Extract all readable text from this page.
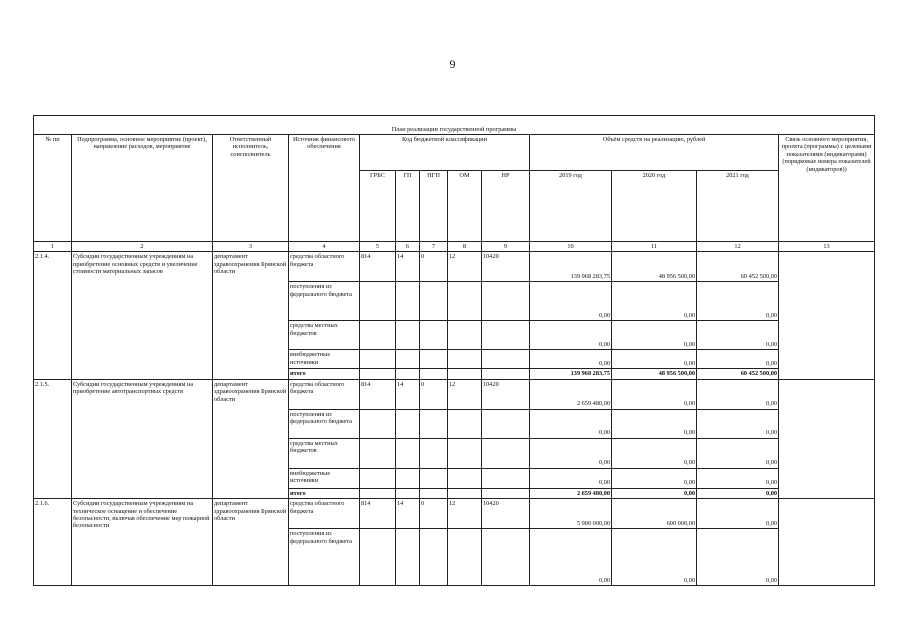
9
План реализации государственной программы												
№ пп	Подпрограмма, основное мероприятие (проект), направление расходов, мероприятие	Ответственный исполнитель, соисполнитель	Источник финансового обеспечения	Код бюджетной классификации					Объём средств на реализацию, рублей			Связь основного мероприятия, проекта (программы) с целевыми показателями (индикаторами) (порядковые номера показателей (индикаторов))
				ГРБС	ГП	ПГП	ОМ	НР	2019 год	2020 год	2021 год	
1	2	3	4	5	6	7	8	9	10	11	12	13
2.1.4.	Субсидии государственным учреждениям на приобретение основных средств и увеличение стоимости материальных запасов	департамент здравоохранения Брянской области	средства областного бюджета	814	14	0	12	10420	139 968 283,75	48 956 500,00	60 452 500,00	
			поступления из федерального бюджета						0,00	0,00	0,00	
			средства местных бюджетов						0,00	0,00	0,00	
			внебюджетные источники						0,00	0,00	0,00	
			итого						139 968 283,75	48 956 500,00	60 452 500,00	
2.1.5.	Субсидии государственным учреждениям на приобретение автотранспортных средств	департамент здравоохранения Брянской области	средства областного бюджета	814	14	0	12	10420	2 659 480,00	0,00	0,00	
			поступления из федерального бюджета						0,00	0,00	0,00	
			средства местных бюджетов						0,00	0,00	0,00	
			внебюджетные источники						0,00	0,00	0,00	
			итого						2 659 480,00	0,00	0,00	
2.1.6.	Субсидии государственным учреждениям на техническое оснащение и обеспечение безопасности, включая обеспечение мер пожарной безопасности	департамент здравоохранения Брянской области	средства областного бюджета	814	14	0	12	10420	5 900 000,00	600 000,00	0,00	
			поступления из федерального бюджета						0,00	0,00	0,00	
